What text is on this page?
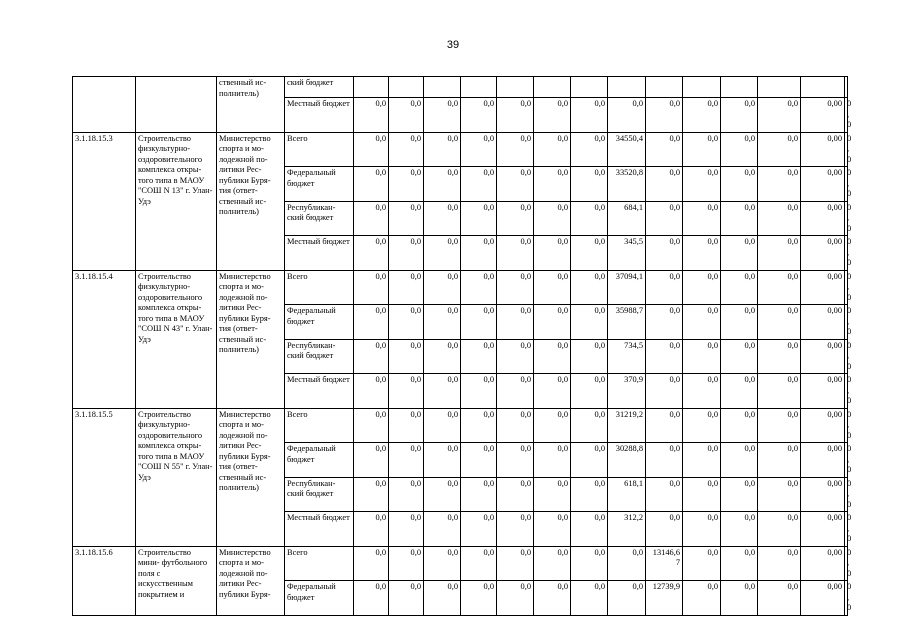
39
		ственный ис- полнитель)	ский бюджет														
			Местный бюджет	0,0	0,0	0,0	0,0	0,0	0,0	0,0	0,0	0,0	0,0	0,0	0,0	0,00	0,0
3.1.18.15.3	Строительство физкультурно- оздоровительного комплекса откры- того типа в МАОУ "СОШ N 13" г. Улан-Удэ	Министерство спорта и мо- лодежной по- литики Рес- публики Буря- тия (ответ- ственный ис- полнитель)	Всего	0,0	0,0	0,0	0,0	0,0	0,0	0,0	34550,4	0,0	0,0	0,0	0,0	0,00	0,0
			Федеральный бюджет	0,0	0,0	0,0	0,0	0,0	0,0	0,0	33520,8	0,0	0,0	0,0	0,0	0,00	0,0
			Республикан- ский бюджет	0,0	0,0	0,0	0,0	0,0	0,0	0,0	684,1	0,0	0,0	0,0	0,0	0,00	0,0
			Местный бюджет	0,0	0,0	0,0	0,0	0,0	0,0	0,0	345,5	0,0	0,0	0,0	0,0	0,00	0,0
3.1.18.15.4	Строительство физкультурно- оздоровительного комплекса откры- того типа в МАОУ "СОШ N 43" г. Улан-Удэ	Министерство спорта и мо- лодежной по- литики Рес- публики Буря- тия (ответ- ственный ис- полнитель)	Всего	0,0	0,0	0,0	0,0	0,0	0,0	0,0	37094,1	0,0	0,0	0,0	0,0	0,00	0,0
			Федеральный бюджет	0,0	0,0	0,0	0,0	0,0	0,0	0,0	35988,7	0,0	0,0	0,0	0,0	0,00	0,0
			Республикан- ский бюджет	0,0	0,0	0,0	0,0	0,0	0,0	0,0	734,5	0,0	0,0	0,0	0,0	0,00	0,0
			Местный бюджет	0,0	0,0	0,0	0,0	0,0	0,0	0,0	370,9	0,0	0,0	0,0	0,0	0,00	0,0
3.1.18.15.5	Строительство физкультурно- оздоровительного комплекса откры- того типа в МАОУ "СОШ N 55" г. Улан-Удэ	Министерство спорта и мо- лодежной по- литики Рес- публики Буря- тия (ответ- ственный ис- полнитель)	Всего	0,0	0,0	0,0	0,0	0,0	0,0	0,0	31219,2	0,0	0,0	0,0	0,0	0,00	0,0
			Федеральный бюджет	0,0	0,0	0,0	0,0	0,0	0,0	0,0	30288,8	0,0	0,0	0,0	0,0	0,00	0,0
			Республикан- ский бюджет	0,0	0,0	0,0	0,0	0,0	0,0	0,0	618,1	0,0	0,0	0,0	0,0	0,00	0,0
			Местный бюджет	0,0	0,0	0,0	0,0	0,0	0,0	0,0	312,2	0,0	0,0	0,0	0,0	0,00	0,0
3.1.18.15.6	Строительство мини- футбольного поля с искусственным покрытием и	Министерство спорта и мо- лодежной по- литики Рес- публики Буря-	Всего	0,0	0,0	0,0	0,0	0,0	0,0	0,0	0,0	13146,6 7	0,0	0,0	0,0	0,00	0,0
			Федеральный бюджет	0,0	0,0	0,0	0,0	0,0	0,0	0,0	0,0	12739,9	0,0	0,0	0,0	0,00	0,0
